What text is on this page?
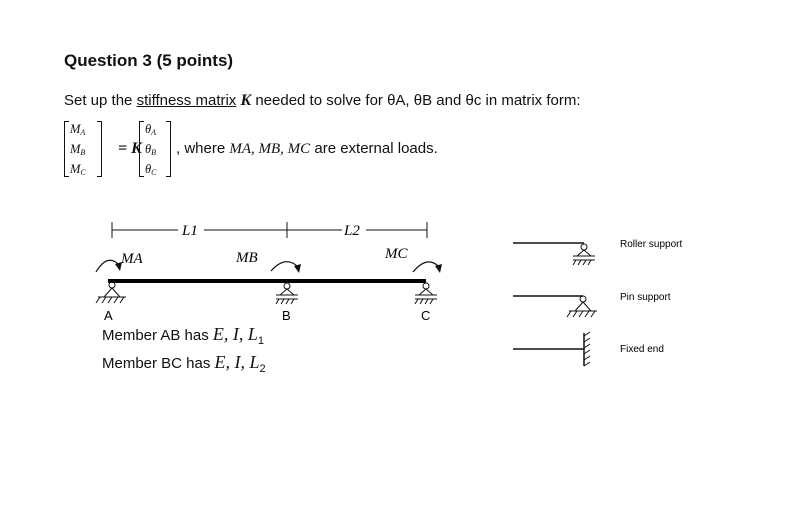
Question 3 (5 points)
Set up the stiffness matrix K needed to solve for θA, θB and θc in matrix form:
$M_A$
$M_B$
$M_C$
= K
$\theta_A$
$\theta_B$
$\theta_C$
, where MA, MB, MC are external loads.
L1	L2
MA	MB	MC
A	B	C
Roller support
Pin support
Fixed end
Member AB has E, I, $L_1$
Member BC has E, I, $L_2$
